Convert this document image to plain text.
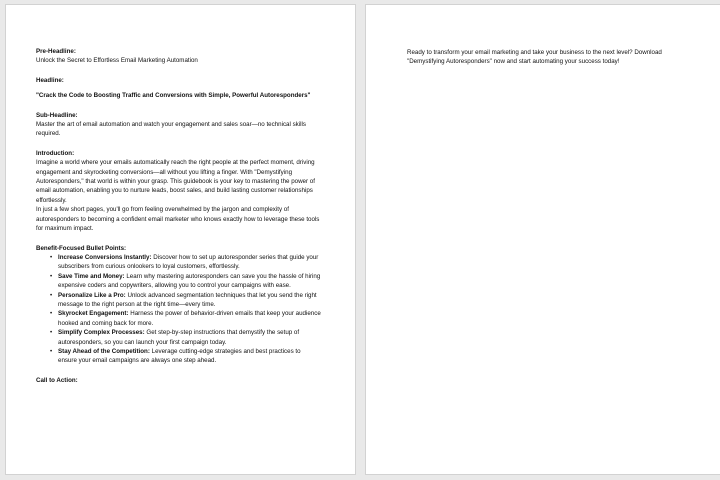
Pre-Headline:
Unlock the Secret to Effortless Email Marketing Automation
Headline:
"Crack the Code to Boosting Traffic and Conversions with Simple, Powerful Autoresponders"
Sub-Headline:
Master the art of email automation and watch your engagement and sales soar—no technical skills required.
Introduction:
Imagine a world where your emails automatically reach the right people at the perfect moment, driving engagement and skyrocketing conversions—all without you lifting a finger. With "Demystifying Autoresponders," that world is within your grasp. This guidebook is your key to mastering the power of email automation, enabling you to nurture leads, boost sales, and build lasting customer relationships effortlessly.
In just a few short pages, you'll go from feeling overwhelmed by the jargon and complexity of autoresponders to becoming a confident email marketer who knows exactly how to leverage these tools for maximum impact.
Benefit-Focused Bullet Points:
• Increase Conversions Instantly: Discover how to set up autoresponder series that guide your subscribers from curious onlookers to loyal customers, effortlessly.
• Save Time and Money: Learn why mastering autoresponders can save you the hassle of hiring expensive coders and copywriters, allowing you to control your campaigns with ease.
• Personalize Like a Pro: Unlock advanced segmentation techniques that let you send the right message to the right person at the right time—every time.
• Skyrocket Engagement: Harness the power of behavior-driven emails that keep your audience hooked and coming back for more.
• Simplify Complex Processes: Get step-by-step instructions that demystify the setup of autoresponders, so you can launch your first campaign today.
• Stay Ahead of the Competition: Leverage cutting-edge strategies and best practices to ensure your email campaigns are always one step ahead.
Call to Action:
Ready to transform your email marketing and take your business to the next level? Download "Demystifying Autoresponders" now and start automating your success today!
